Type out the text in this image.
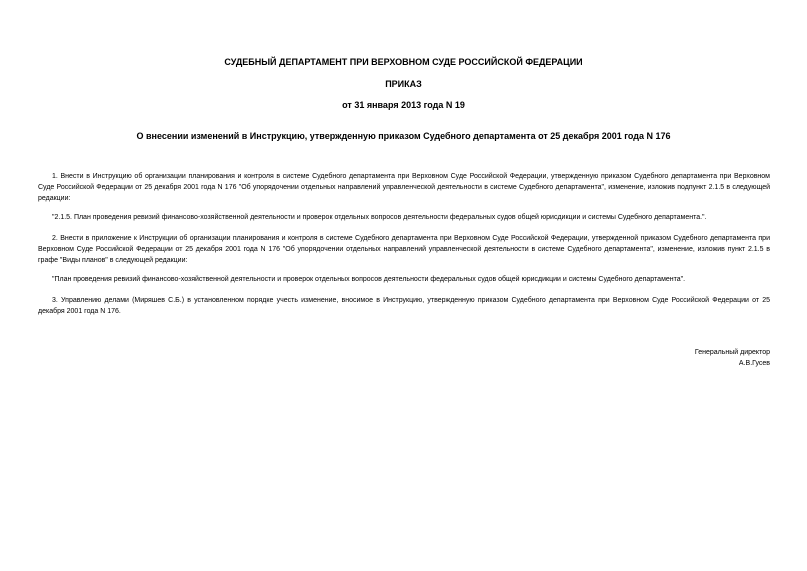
СУДЕБНЫЙ ДЕПАРТАМЕНТ ПРИ ВЕРХОВНОМ СУДЕ РОССИЙСКОЙ ФЕДЕРАЦИИ
ПРИКАЗ
от 31 января 2013 года N 19
О внесении изменений в Инструкцию, утвержденную приказом Судебного департамента от 25 декабря 2001 года N 176
1. Внести в Инструкцию об организации планирования и контроля в системе Судебного департамента при Верховном Суде Российской Федерации, утвержденную приказом Судебного департамента при Верховном Суде Российской Федерации от 25 декабря 2001 года N 176 "Об упорядочении отдельных направлений управленческой деятельности в системе Судебного департамента", изменение, изложив подпункт 2.1.5 в следующей редакции:
"2.1.5. План проведения ревизий финансово-хозяйственной деятельности и проверок отдельных вопросов деятельности федеральных судов общей юрисдикции и системы Судебного департамента.".
2. Внести в приложение к Инструкции об организации планирования и контроля в системе Судебного департамента при Верховном Суде Российской Федерации, утвержденной приказом Судебного департамента при Верховном Суде Российской Федерации от 25 декабря 2001 года N 176 "Об упорядочении отдельных направлений управленческой деятельности в системе Судебного департамента", изменение, изложив пункт 2.1.5 в графе "Виды планов" в следующей редакции:
"План проведения ревизий финансово-хозяйственной деятельности и проверок отдельных вопросов деятельности федеральных судов общей юрисдикции и системы Судебного департамента".
3. Управлению делами (Миряшев С.Б.) в установленном порядке учесть изменение, вносимое в Инструкцию, утвержденную приказом Судебного департамента при Верховном Суде Российской Федерации от 25 декабря 2001 года N 176.
Генеральный директор
А.В.Гусев
